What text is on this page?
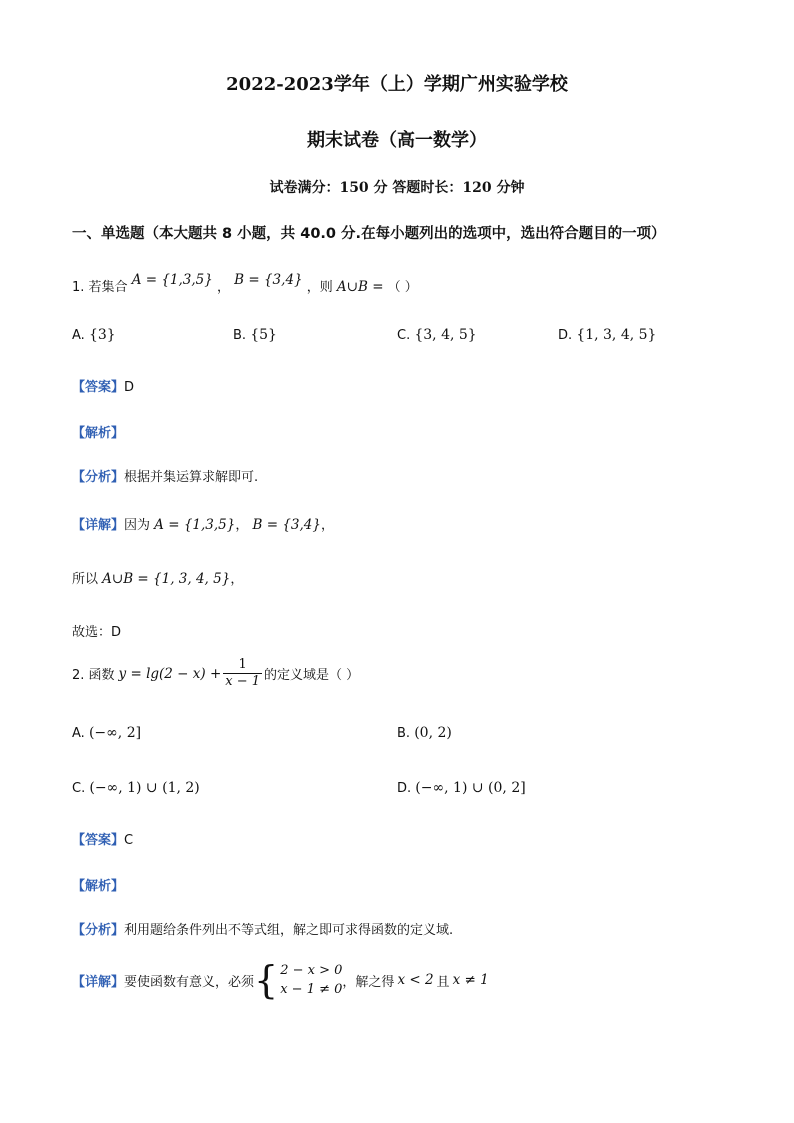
2022-2023学年（上）学期广州实验学校
期末试卷（高一数学）
试卷满分：150 分 答题时长：120 分钟
一、单选题（本大题共 8 小题，共 40.0 分.在每小题列出的选项中，选出符合题目的一项）
1. 若集合 A = {1,3,5} ， B = {3,4} ，则 A∪B = （ ）
A. {3}	B. {5}	C. {3, 4, 5}	D. {1, 3, 4, 5}
【答案】D
【解析】
【分析】根据并集运算求解即可.
【详解】因为 A = {1,3,5}， B = {3,4}，
所以 A∪B = {1, 3, 4, 5}，
故选：D
2. 函数 $y = \lg(2 - x) + \frac{1}{x - 1}$ 的定义域是（ ）
A. (−∞, 2]	B. (0, 2)
C. (−∞, 1) ∪ (1, 2)	D. (−∞, 1) ∪ (0, 2]
【答案】C
【解析】
【分析】利用题给条件列出不等式组，解之即可求得函数的定义域.
【详解】 要使函数有意义，必须 { 2 − x > 0
x − 1 ≠ 0 ，解之得 x < 2 且 x ≠ 1
